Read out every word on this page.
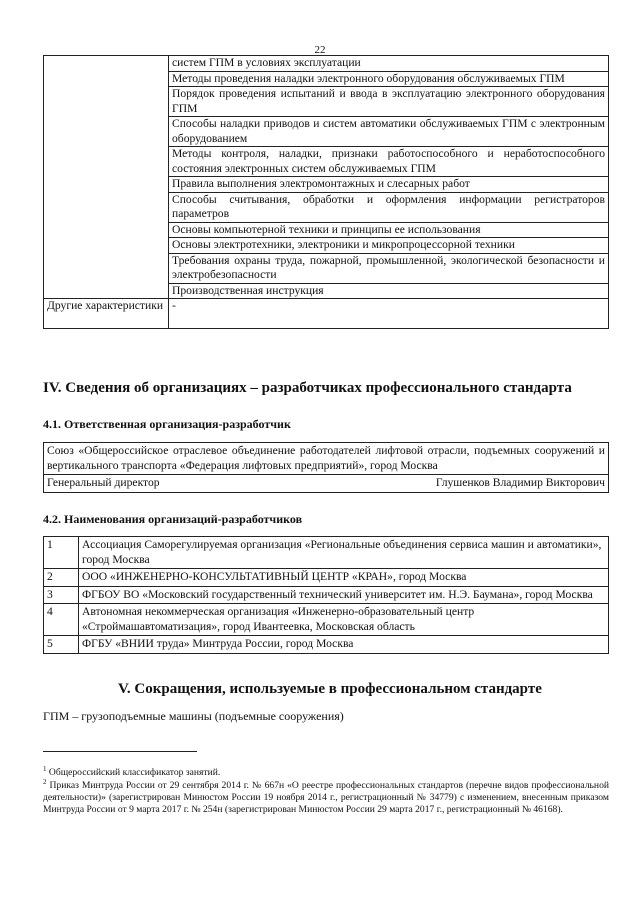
22
	систем ГПМ в условиях эксплуатации
	Методы проведения наладки электронного оборудования обслуживаемых ГПМ
	Порядок проведения испытаний и ввода в эксплуатацию электронного оборудования ГПМ
	Способы наладки приводов и систем автоматики обслуживаемых ГПМ с электронным оборудованием
	Методы контроля, наладки, признаки работоспособного и неработоспособного состояния электронных систем обслуживаемых ГПМ
	Правила выполнения электромонтажных и слесарных работ
	Способы считывания, обработки и оформления информации регистраторов параметров
	Основы компьютерной техники и принципы ее использования
	Основы электротехники, электроники и микропроцессорной техники
	Требования охраны труда, пожарной, промышленной, экологической безопасности и электробезопасности
	Производственная инструкция
Другие характеристики	-
IV. Сведения об организациях – разработчиках профессионального стандарта
4.1. Ответственная организация-разработчик
Союз «Общероссийское отраслевое объединение работодателей лифтовой отрасли, подъемных сооружений и вертикального транспорта «Федерация лифтовых предприятий», город Москва
Генеральный директор	Глушенков Владимир Викторович
4.2. Наименования организаций-разработчиков
1	Ассоциация Саморегулируемая организация «Региональные объединения сервиса машин и автоматики», город Москва
2	ООО «ИНЖЕНЕРНО-КОНСУЛЬТАТИВНЫЙ ЦЕНТР «КРАН», город Москва
3	ФГБОУ ВО «Московский государственный технический университет им. Н.Э. Баумана», город Москва
4	Автономная некоммерческая организация «Инженерно-образовательный центр «Строймашавтоматизация», город Ивантеевка, Московская область
5	ФГБУ «ВНИИ труда» Минтруда России, город Москва
V. Сокращения, используемые в профессиональном стандарте
ГПМ – грузоподъемные машины (подъемные сооружения)
$^1$ Общероссийский классификатор занятий.
$^2$ Приказ Минтруда России от 29 сентября 2014 г. № 667н «О реестре профессиональных стандартов (перечне видов профессиональной деятельности)» (зарегистрирован Минюстом России 19 ноября 2014 г., регистрационный № 34779) с изменением, внесенным приказом Минтруда России от 9 марта 2017 г. № 254н (зарегистрирован Минюстом России 29 марта 2017 г., регистрационный № 46168).
